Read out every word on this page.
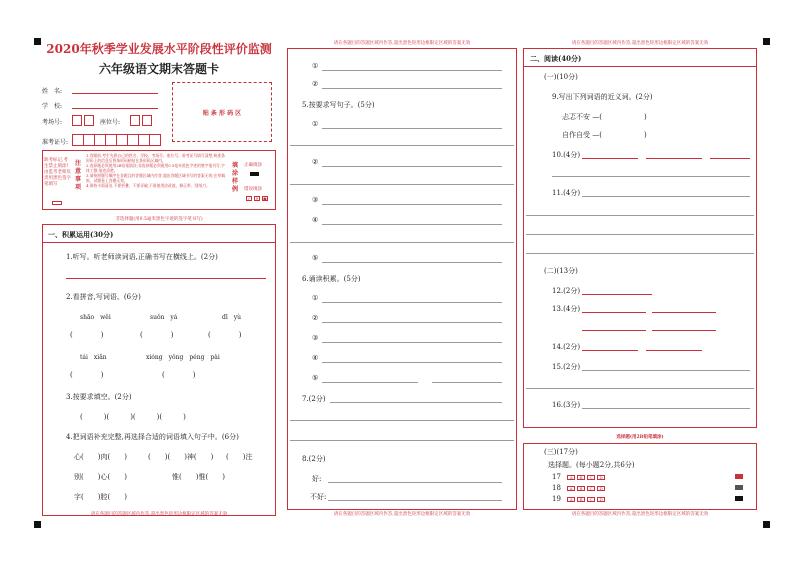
2020年秋季学业发展水平阶段性评价监测
六年级语文期末答题卡
姓　名:
学　校:
考场号:	座位号:
准考证号:
贴 条 形 码 区
缺考标记,考生禁止填涂!由监考老师负责用黑色签字笔填写
注意事项
1.答题前,考生先将自己的姓名、学校、考场号、座位号、准考证号填写清楚,核准条形码上的信息后将条形码粘贴在条形码区域内。
2.选择题必须使用2B铅笔填涂;非选择题必须使用0.5毫米黑色字迹的签字笔书写,字体工整,笔迹清楚。
3.请按照题号顺序在各题目的答题区域内作答,超出答题区域书写的答案无效;在草稿纸、试题卷上答题无效。
4.保持卡面清洁,不要折叠、不要弄破,不准使用涂改液、修正带、刮纸刀。
填涂样例
正确填涂
错误填涂
✓ ✕ ●
非选择题(用0.5毫米黑色字迹的签字笔书写)
一、积累运用(30分)
1.听写。听老师读词语,正确书写在横线上。(2分)
2.看拼音,写词语。(6分)
shāo　wěi	suǒn　yá	dī　yù
(　　　　)	(　　　　)	(　　　　)
tái　xiǎn	xióng　yǒng　péng　pài
(　　　　)	(　　　　)
3.按要求填空。(2分)
(　　　)(　　　)(　　　)(　　　)
4.把词语补充完整,再选择合适的词语填入句子中。(6分)
心(　　)肉(　　)	(　　)(　　)神(　　) (　　)注
别(　　)心(　　)	惟(　　)惟(　　)
字(　　)腔(　　)
请在各题目的答题区域内作答,超出黑色矩形边框限定区域的答案无效
①
②
5.按要求写句子。(5分)
①
②
③
④
⑤
6.诵读积累。(5分)
①
②
③
④
⑤
7.(2分)
8.(2分)
好:
不好:
请在各题目的答题区域内作答,超出黑色矩形边框限定区域的答案无效
请在各题目的答题区域内作答,超出黑色矩形边框限定区域的答案无效
二、阅读(40分)
(一)(10分)
9.写出下列词语的近义词。(2分)
忐忑不安 —(　　　　　　)
自作自受 —(　　　　　　)
10.(4分)
11.(4分)
(二)(13分)
12.(2分)
13.(4分)
14.(2分)
15.(2分)
16.(3分)
选择题(用2B铅笔填涂)
(三)(17分)
选择题。(每小题2分,共6分)
17 A B C D
18 A B C D
19 A B C D
请在各题目的答题区域内作答,超出黑色矩形边框限定区域的答案无效	请在各题目的答题区域内作答,超出黑色矩形边框限定区域的答案无效
